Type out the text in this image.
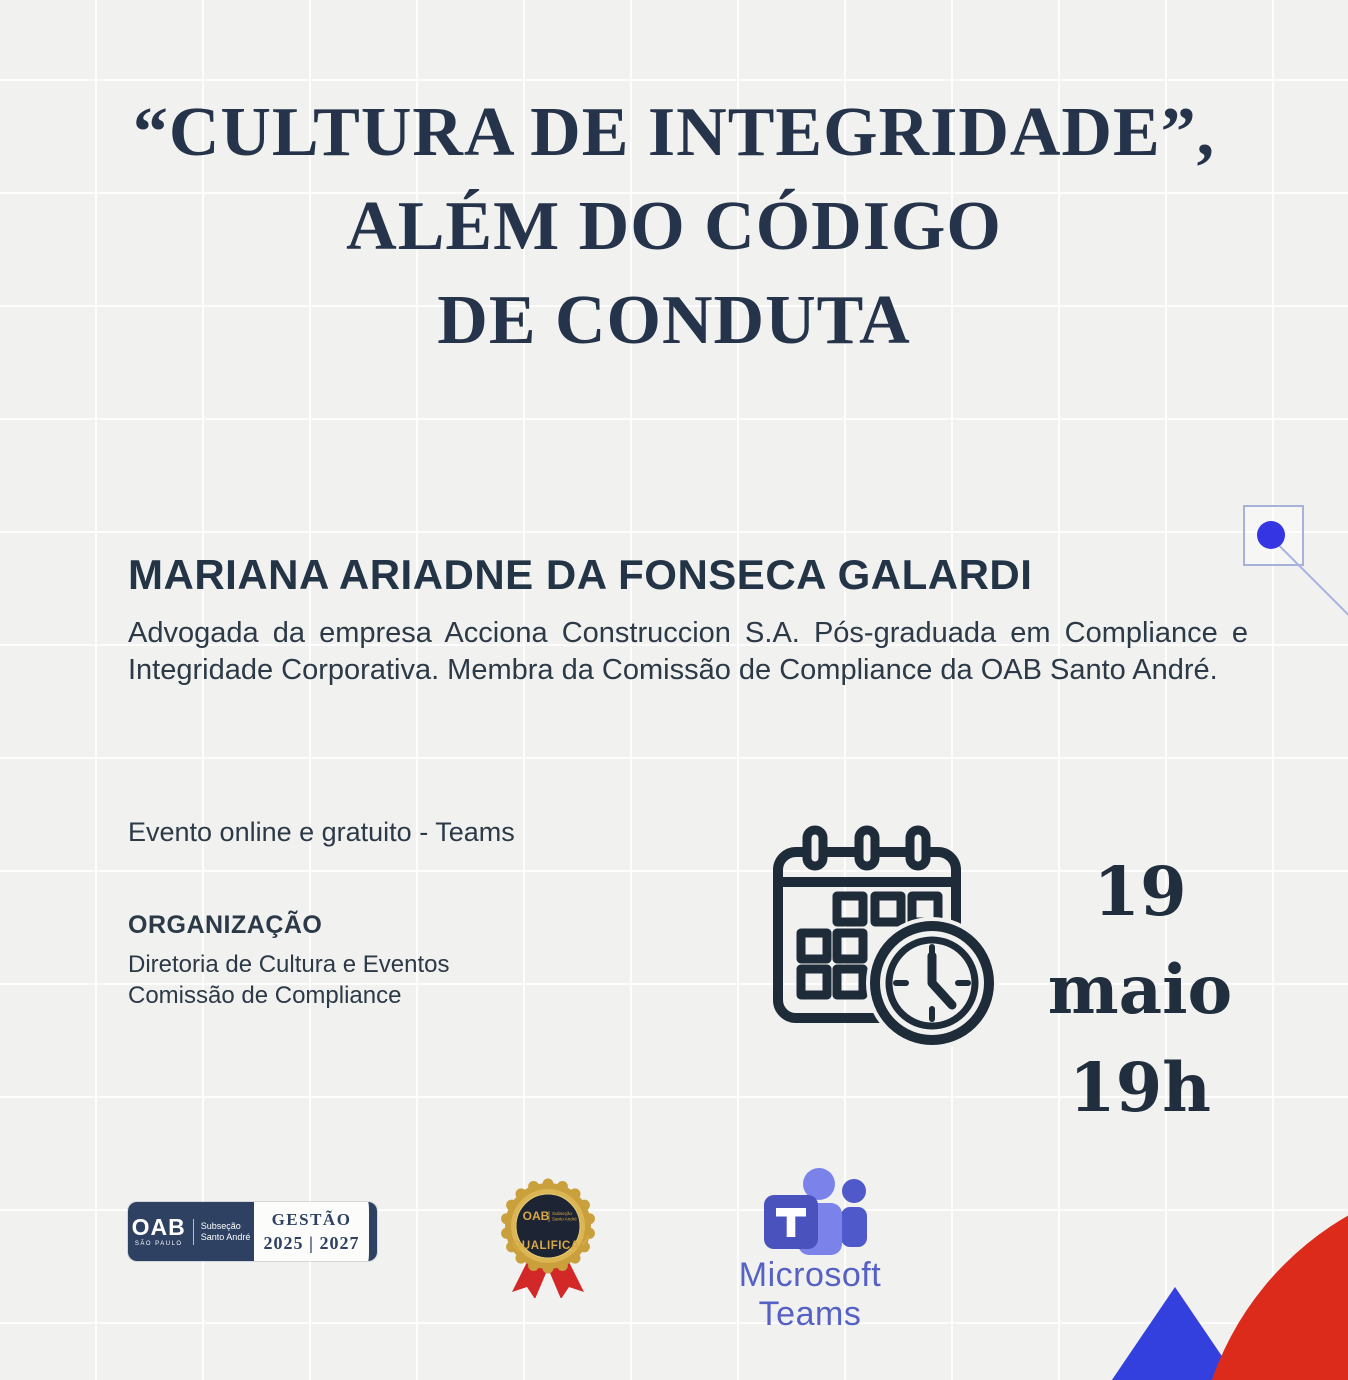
“CULTURA DE INTEGRIDADE”,
ALÉM DO CÓDIGO
DE CONDUTA
MARIANA ARIADNE DA FONSECA GALARDI
Advogada da empresa Acciona Construccion S.A. Pós-graduada em Compliance e
Integridade Corporativa. Membra da Comissão de Compliance da OAB Santo André.
Evento online e gratuito - Teams
ORGANIZAÇÃO
Diretoria de Cultura e Eventos
Comissão de Compliance
19 maio
19h
OAB
SÃO PAULO
Subseção
Santo André
GESTÃO
2025 | 2027
OAB Subseção
Santo André
QUALIFICA
Microsoft Teams
